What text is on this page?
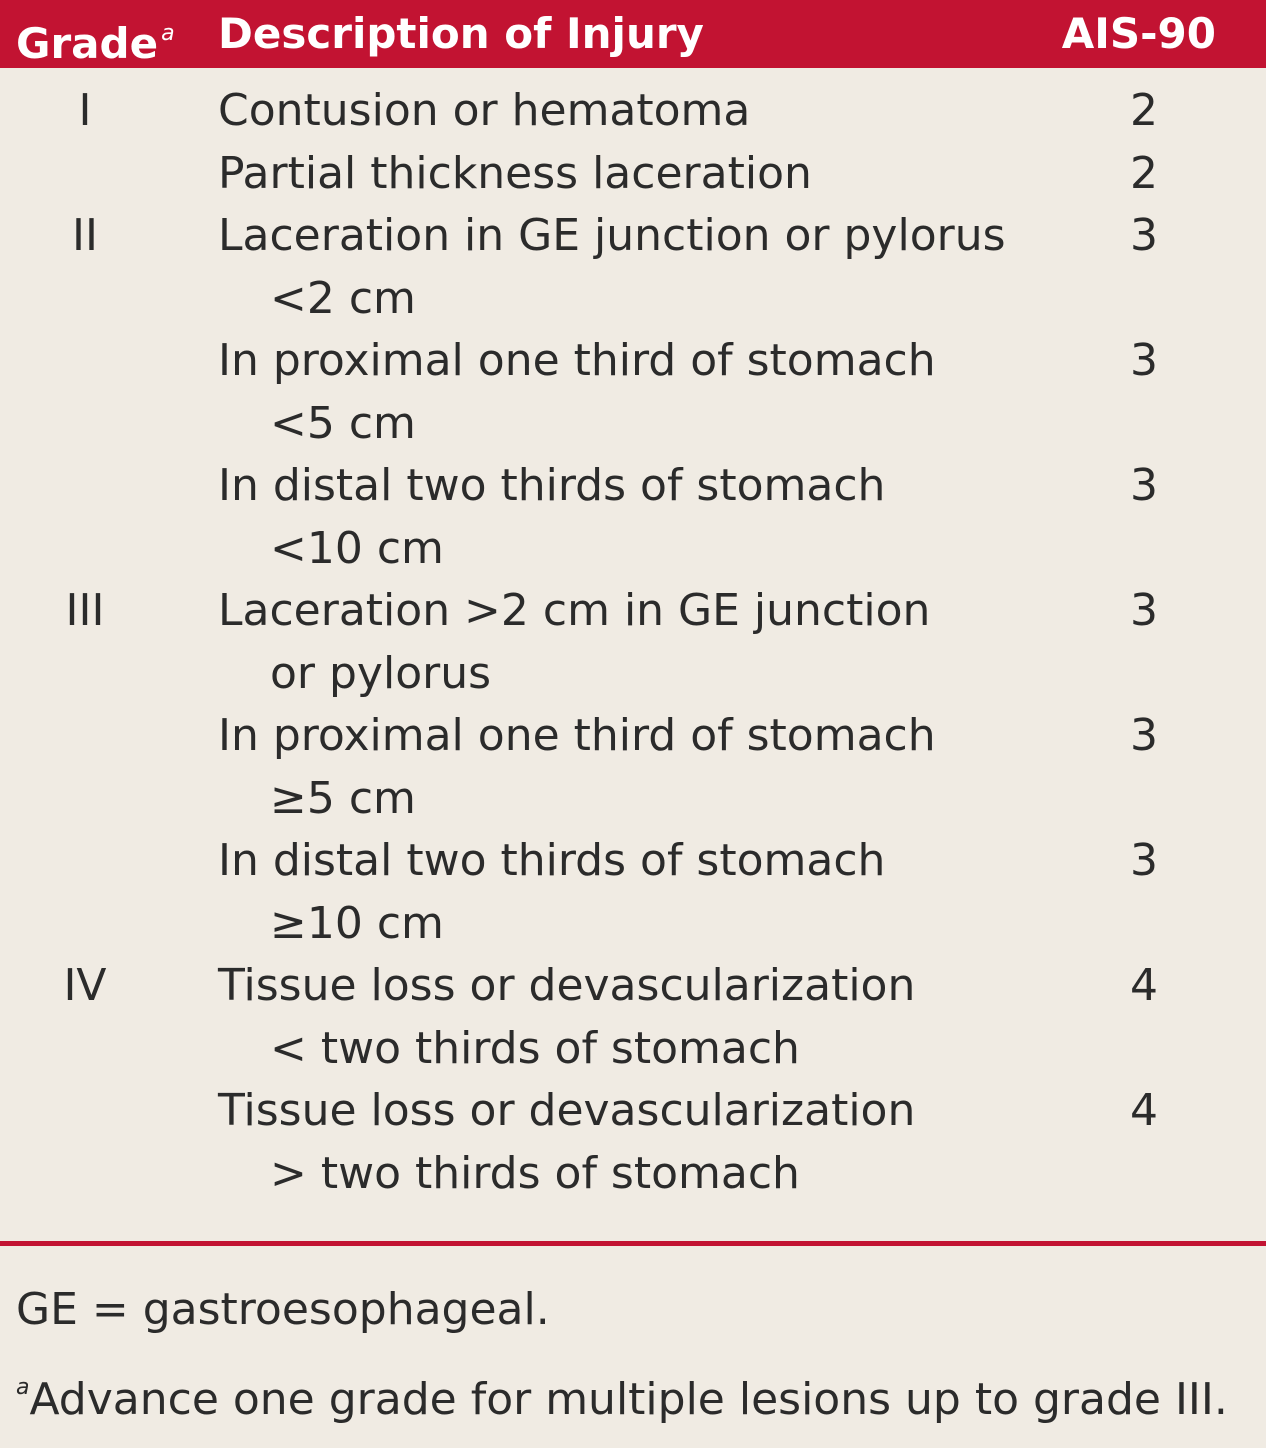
Grade $^a$ Description of Injury	AIS-90
I	Contusion or hematoma	2
Partial thickness laceration	2
II	Laceration in GE junction or pylorus	3
<2 cm
In proximal one third of stomach	3
<5 cm
In distal two thirds of stomach	3
<10 cm
III	Laceration >2 cm in GE junction	3
or pylorus
In proximal one third of stomach	3
≥5 cm
In distal two thirds of stomach	3
≥10 cm
IV	Tissue loss or devascularization	4
< two thirds of stomach
Tissue loss or devascularization	4
> two thirds of stomach
GE = gastroesophageal.
$^a$Advance one grade for multiple lesions up to grade III.
